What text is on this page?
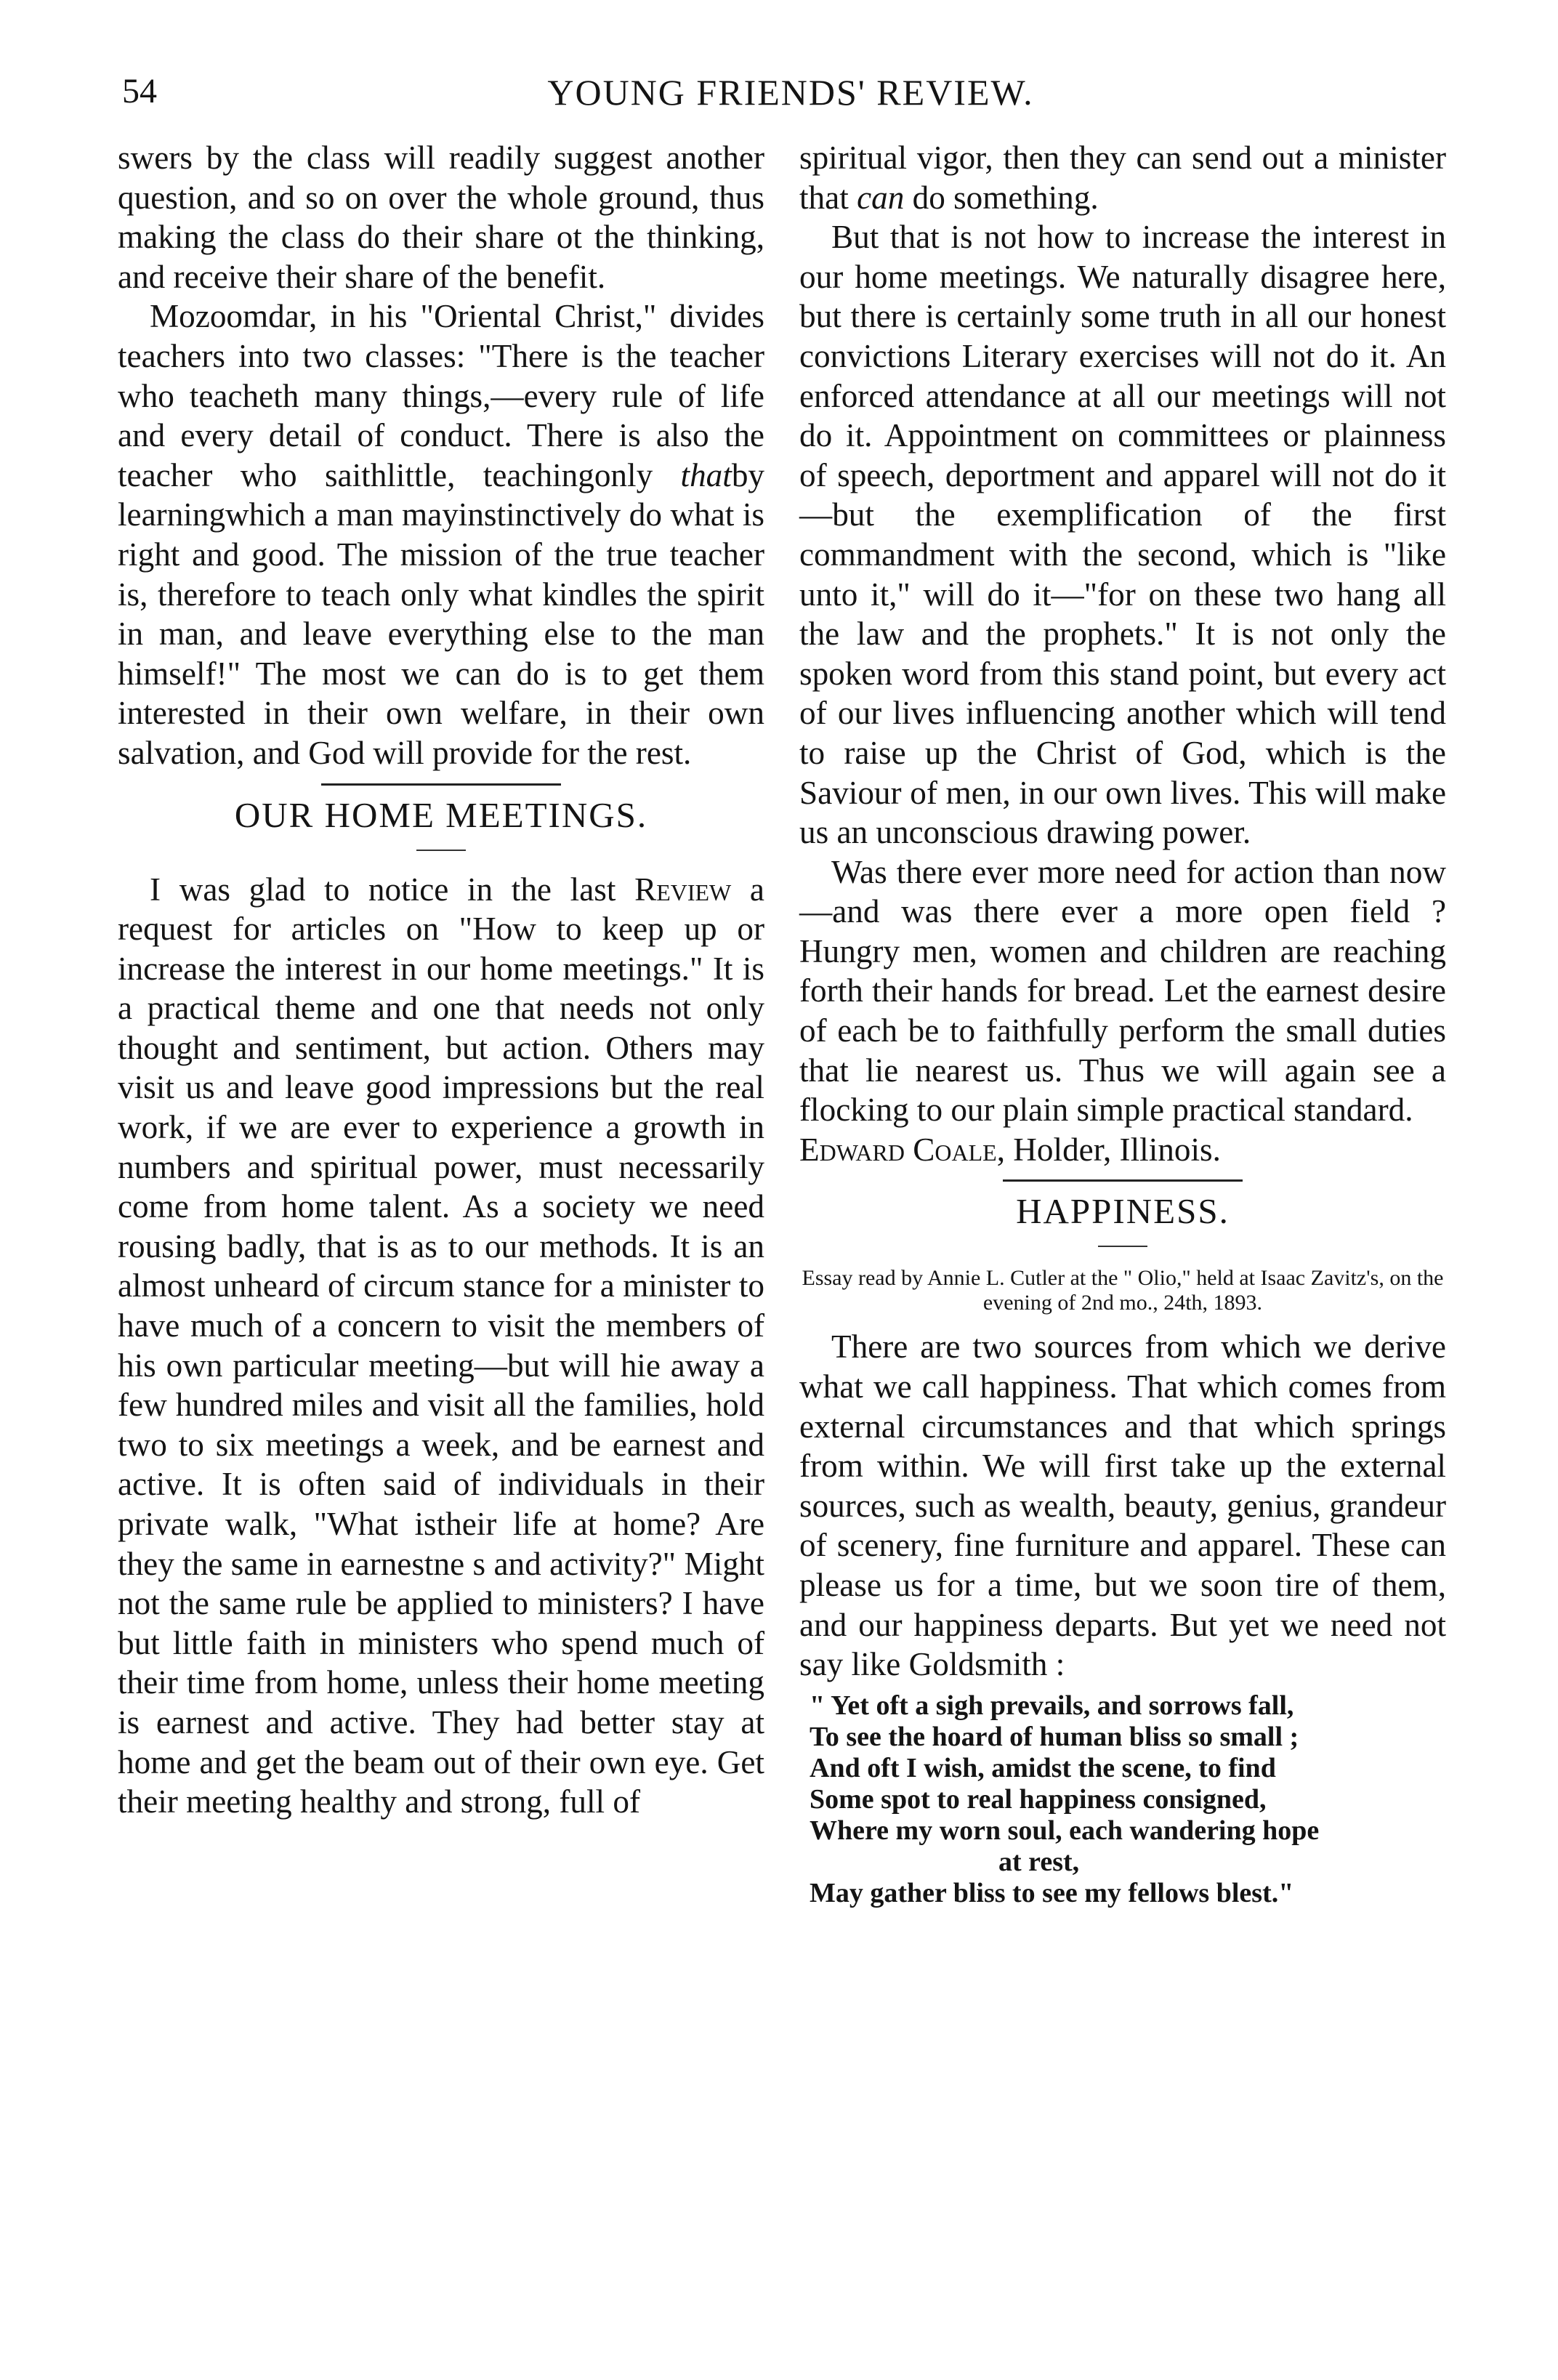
54	YOUNG FRIENDS' REVIEW.

swers by the class will readily suggest another question, and so on over the whole ground, thus making the class do their share ot the thinking, and receive their share of the benefit.

Mozoomdar, in his "Oriental Christ," divides teachers into two classes: "There is the teacher who teacheth many things,—every rule of life and every detail of conduct. There is also the teacher who saithlittle, teachingonly thatby learningwhich a man mayinstinctively do what is right and good. The mission of the true teacher is, therefore to teach only what kindles the spirit in man, and leave everything else to the man himself!" The most we can do is to get them interested in their own welfare, in their own salvation, and God will provide for the rest.

OUR HOME MEETINGS.

I was glad to notice in the last Review a request for articles on "How to keep up or increase the interest in our home meetings." It is a practical theme and one that needs not only thought and sentiment, but action. Others may visit us and leave good impressions but the real work, if we are ever to experience a growth in numbers and spiritual power, must necessarily come from home talent. As a society we need rousing badly, that is as to our methods. It is an almost unheard of circum stance for a minister to have much of a concern to visit the members of his own particular meeting—but will hie away a few hundred miles and visit all the families, hold two to six meetings a week, and be earnest and active. It is often said of individuals in their private walk, "What istheir life at home? Are they the same in earnestne s and activity?" Might not the same rule be applied to ministers? I have but little faith in ministers who spend much of their time from home, unless their home meeting is earnest and active. They had better stay at home and get the beam out of their own eye. Get their meeting healthy and strong, full of

spiritual vigor, then they can send out a minister that can do something.

But that is not how to increase the interest in our home meetings. We naturally disagree here, but there is certainly some truth in all our honest convictions Literary exercises will not do it. An enforced attendance at all our meetings will not do it. Appointment on committees or plainness of speech, deportment and apparel will not do it—but the exemplification of the first commandment with the second, which is "like unto it," will do it—"for on these two hang all the law and the prophets." It is not only the spoken word from this stand point, but every act of our lives influencing another which will tend to raise up the Christ of God, which is the Saviour of men, in our own lives. This will make us an unconscious drawing power.

Was there ever more need for action than now—and was there ever a more open field ? Hungry men, women and children are reaching forth their hands for bread. Let the earnest desire of each be to faithfully perform the small duties that lie nearest us. Thus we will again see a flocking to our plain simple practical standard.

Edward Coale, Holder, Illinois.

HAPPINESS.
Essay read by Annie L. Cutler at the " Olio," held at Isaac Zavitz's, on the evening of 2nd mo., 24th, 1893.

There are two sources from which we derive what we call happiness. That which comes from external circumstances and that which springs from within. We will first take up the external sources, such as wealth, beauty, genius, grandeur of scenery, fine furniture and apparel. These can please us for a time, but we soon tire of them, and our happiness departs. But yet we need not say like Goldsmith :

" Yet oft a sigh prevails, and sorrows fall,
To see the hoard of human bliss so small ;
And oft I wish, amidst the scene, to find
Some spot to real happiness consigned,
Where my worn soul, each wandering hope
at rest,
May gather bliss to see my fellows blest."
